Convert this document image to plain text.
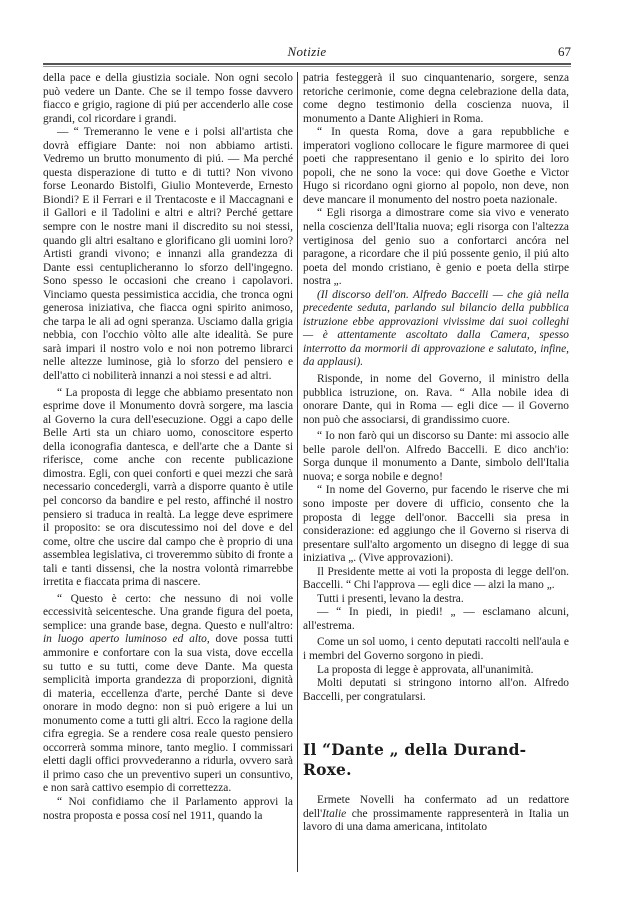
Notizie	67

della pace e della giustizia sociale. Non ogni secolo può vedere un Dante. Che se il tempo fosse davvero fiacco e grigio, ragione di piú per accenderlo alle cose grandi, col ricordare i grandi.

— “ Tremeranno le vene e i polsi all'artista che dovrà effigiare Dante: noi non abbiamo artisti. Vedremo un brutto monumento di piú. — Ma perché questa disperazione di tutto e di tutti? Non vivono forse Leonardo Bistolfi, Giulio Monteverde, Ernesto Biondi? E il Ferrari e il Trentacoste e il Maccagnani e il Gallori e il Tadolini e altri e altri? Perché gettare sempre con le nostre mani il discredito su noi stessi, quando gli altri esaltano e glorificano gli uomini loro? Artisti grandi vivono; e innanzi alla grandezza di Dante essi centuplicheranno lo sforzo dell'ingegno. Sono spesso le occasioni che creano i capolavori. Vinciamo questa pessimistica accidia, che tronca ogni generosa iniziativa, che fiacca ogni spirito animoso, che tarpa le ali ad ogni speranza. Usciamo dalla grigia nebbia, con l'occhio vòlto alle alte idealità. Se pure sarà impari il nostro volo e noi non potremo librarci nelle altezze luminose, già lo sforzo del pensiero e dell'atto ci nobiliterà innanzi a noi stessi e ad altri.

“ La proposta di legge che abbiamo presentato non esprime dove il Monumento dovrà sorgere, ma lascia al Governo la cura dell'esecuzione. Oggi a capo delle Belle Arti sta un chiaro uomo, conoscitore esperto della iconografia dantesca, e dell'arte che a Dante si riferisce, come anche con recente publicazione dimostra. Egli, con quei conforti e quei mezzi che sarà necessario concedergli, varrà a disporre quanto è utile pel concorso da bandire e pel resto, affinché il nostro pensiero si traduca in realtà. La legge deve esprimere il proposito: se ora discutessimo noi del dove e del come, oltre che uscire dal campo che è proprio di una assemblea legislativa, ci troveremmo sùbito di fronte a tali e tanti dissensi, che la nostra volontà rimarrebbe irretita e fiaccata prima di nascere.

“ Questo è certo: che nessuno di noi volle eccessività seicentesche. Una grande figura del poeta, semplice: una grande base, degna. Questo e null'altro: in luogo aperto luminoso ed alto, dove possa tutti ammonire e confortare con la sua vista, dove eccella su tutto e su tutti, come deve Dante. Ma questa semplicità importa grandezza di proporzioni, dignità di materia, eccellenza d'arte, perché Dante si deve onorare in modo degno: non si può erigere a lui un monumento come a tutti gli altri. Ecco la ragione della cifra egregia. Se a rendere cosa reale questo pensiero occorrerà somma minore, tanto meglio. I commissari eletti dagli offici provvederanno a ridurla, ovvero sarà il primo caso che un preventivo superi un consuntivo, e non sarà cattivo esempio di correttezza.

“ Noi confidiamo che il Parlamento approvi la nostra proposta e possa cosí nel 1911, quando la

patria festeggerà il suo cinquantenario, sorgere, senza retoriche cerimonie, come degna celebrazione della data, come degno testimonio della coscienza nuova, il monumento a Dante Alighieri in Roma.

“ In questa Roma, dove a gara repubbliche e imperatori vogliono collocare le figure marmoree di quei poeti che rappresentano il genio e lo spirito dei loro popoli, che ne sono la voce: qui dove Goethe e Victor Hugo si ricordano ogni giorno al popolo, non deve, non deve mancare il monumento del nostro poeta nazionale.

“ Egli risorga a dimostrare come sia vivo e venerato nella coscienza dell'Italia nuova; egli risorga con l'altezza vertiginosa del genio suo a confortarci ancóra nel paragone, a ricordare che il piú possente genio, il piú alto poeta del mondo cristiano, è genio e poeta della stirpe nostra „.

(Il discorso dell'on. Alfredo Baccelli — che già nella precedente seduta, parlando sul bilancio della pubblica istruzione ebbe approvazioni vivissime dai suoi colleghi — è attentamente ascoltato dalla Camera, spesso interrotto da mormorii di approvazione e salutato, infine, da applausi).

Risponde, in nome del Governo, il ministro della pubblica istruzione, on. Rava. “ Alla nobile idea di onorare Dante, qui in Roma — egli dice — il Governo non può che associarsi, di grandissimo cuore.

“ Io non farò qui un discorso su Dante: mi associo alle belle parole dell'on. Alfredo Baccelli. E dico anch'io: Sorga dunque il monumento a Dante, simbolo dell'Italia nuova; e sorga nobile e degno!

“ In nome del Governo, pur facendo le riserve che mi sono imposte per dovere di ufficio, consento che la proposta di legge dell'onor. Baccelli sia presa in considerazione: ed aggiungo che il Governo si riserva di presentare sull'alto argomento un disegno di legge di sua iniziativa „. (Vive approvazioni).

Il Presidente mette ai voti la proposta di legge dell'on. Baccelli. “ Chi l'approva — egli dice — alzi la mano „.

Tutti i presenti, levano la destra.

— “ In piedi, in piedi! „ — esclamano alcuni, all'estrema.

Come un sol uomo, i cento deputati raccolti nell'aula e i membri del Governo sorgono in piedi.

La proposta di legge è approvata, all'unanimità.

Molti deputati si stringono intorno all'on. Alfredo Baccelli, per congratularsi.

Il “Dante „ della Durand-Roxe.

Ermete Novelli ha confermato ad un redattore dell'Italie che prossimamente rappresenterà in Italia un lavoro di una dama americana, intitolato
